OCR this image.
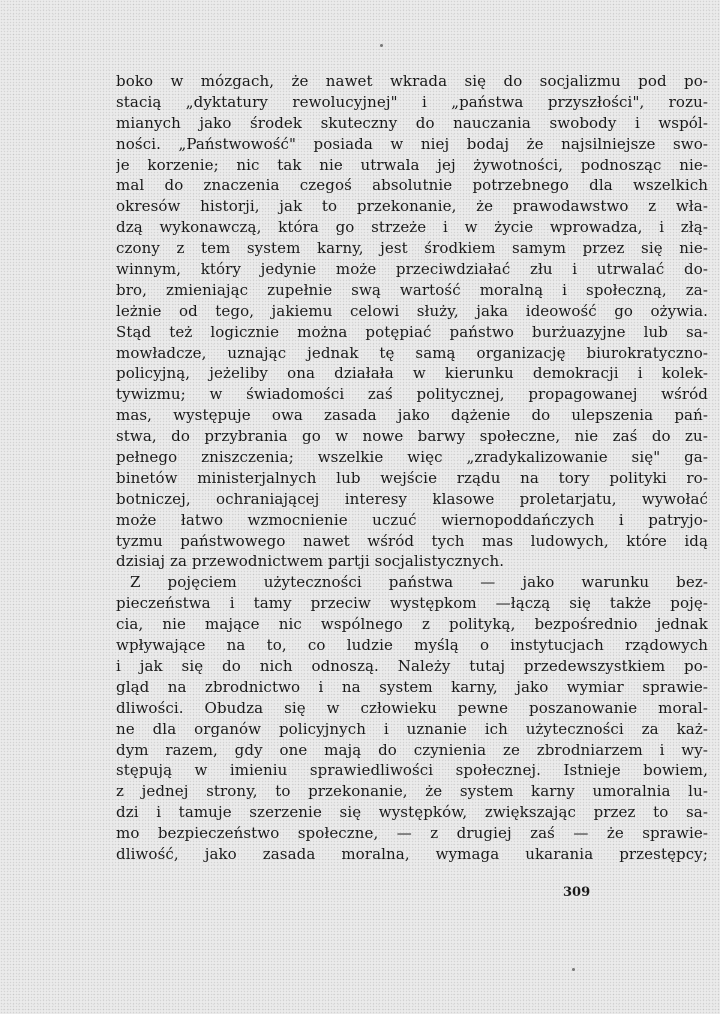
boko w mózgach, że nawet wkrada się do socjalizmu pod po-
stacią „dyktatury rewolucyjnej" i „państwa przyszłości", rozu-
mianych jako środek skuteczny do nauczania swobody i wspól-
ności. „Państwowość" posiada w niej bodaj że najsilniejsze swo-
je korzenie; nic tak nie utrwala jej żywotności, podnosząc nie-
mal do znaczenia czegoś absolutnie potrzebnego dla wszelkich
okresów historji, jak to przekonanie, że prawodawstwo z wła-
dzą wykonawczą, która go strzeże i w życie wprowadza, i złą-
czony z tem system karny, jest środkiem samym przez się nie-
winnym, który jedynie może przeciwdziałać złu i utrwalać do-
bro, zmieniając zupełnie swą wartość moralną i społeczną, za-
leżnie od tego, jakiemu celowi służy, jaka ideowość go ożywia.
Stąd też logicznie można potępiać państwo burżuazyjne lub sa-
mowładcze, uznając jednak tę samą organizację biurokratyczno-
policyjną, jeżeliby ona działała w kierunku demokracji i kolek-
tywizmu; w świadomości zaś politycznej, propagowanej wśród
mas, występuje owa zasada jako dążenie do ulepszenia pań-
stwa, do przybrania go w nowe barwy społeczne, nie zaś do zu-
pełnego zniszczenia; wszelkie więc „zradykalizowanie się" ga-
binetów ministerjalnych lub wejście rządu na tory polityki ro-
botniczej, ochraniającej interesy klasowe proletarjatu, wywołać
może łatwo wzmocnienie uczuć wiernopoddańczych i patryjo-
tyzmu państwowego nawet wśród tych mas ludowych, które idą
dzisiaj za przewodnictwem partji socjalistycznych.
Z pojęciem użyteczności państwa — jako warunku bez-
pieczeństwa i tamy przeciw występkom —łączą się także poję-
cia, nie mające nic wspólnego z polityką, bezpośrednio jednak
wpływające na to, co ludzie myślą o instytucjach rządowych
i jak się do nich odnoszą. Należy tutaj przedewszystkiem po-
gląd na zbrodnictwo i na system karny, jako wymiar sprawie-
dliwości. Obudza się w człowieku pewne poszanowanie moral-
ne dla organów policyjnych i uznanie ich użyteczności za każ-
dym razem, gdy one mają do czynienia ze zbrodniarzem i wy-
stępują w imieniu sprawiedliwości społecznej. Istnieje bowiem,
z jednej strony, to przekonanie, że system karny umoralnia lu-
dzi i tamuje szerzenie się występków, zwiększając przez to sa-
mo bezpieczeństwo społeczne, — z drugiej zaś — że sprawie-
dliwość, jako zasada moralna, wymaga ukarania przestępcy;
309
